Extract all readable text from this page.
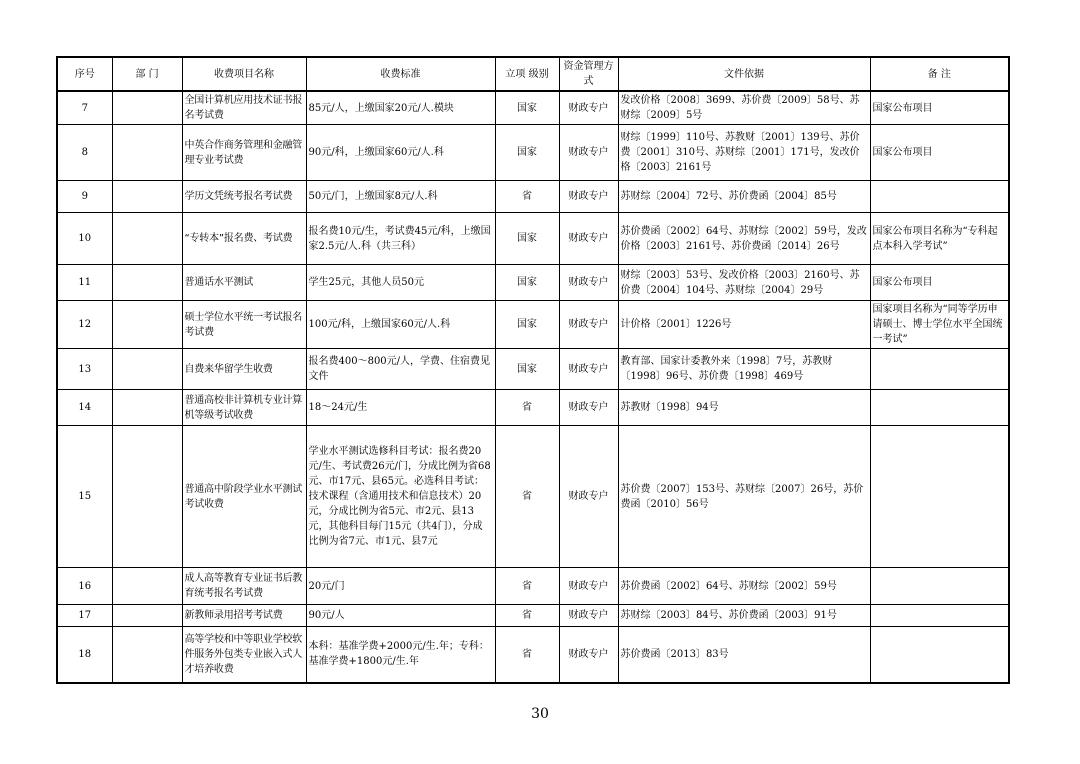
序号	部 门	收费项目名称	收费标准	立项 级别	资金管理方式	文件依据	备 注
7		全国计算机应用技术证书报名考试费	85元/人，上缴国家20元/人.模块	国家	财政专户	发改价格〔2008〕3699、苏价费〔2009〕58号、苏财综〔2009〕5号	国家公布项目
8		中英合作商务管理和金融管理专业考试费	90元/科，上缴国家60元/人.科	国家	财政专户	财综〔1999〕110号、苏教财〔2001〕139号、苏价费〔2001〕310号、苏财综〔2001〕171号，发改价格〔2003〕2161号	国家公布项目
9		学历文凭统考报名考试费	50元/门，上缴国家8元/人.科	省	财政专户	苏财综〔2004〕72号、苏价费函〔2004〕85号	
10		“专转本”报名费、考试费	报名费10元/生，考试费45元/科，上缴国家2.5元/人.科（共三科）	国家	财政专户	苏价费函〔2002〕64号、苏财综〔2002〕59号，发改价格〔2003〕2161号、苏价费函〔2014〕26号	国家公布项目名称为“专科起点本科入学考试”
11		普通话水平测试	学生25元，其他人员50元	国家	财政专户	财综〔2003〕53号、发改价格〔2003〕2160号、苏价费〔2004〕104号、苏财综〔2004〕29号	国家公布项目
12		硕士学位水平统一考试报名考试费	100元/科，上缴国家60元/人.科	国家	财政专户	计价格〔2001〕1226号	国家项目名称为“同等学历申请硕士、博士学位水平全国统一考试”
13		自费来华留学生收费	报名费400～800元/人，学费、住宿费见文件	国家	财政专户	教育部、国家计委教外来〔1998〕7号，苏教财〔1998〕96号、苏价费〔1998〕469号	
14		普通高校非计算机专业计算机等级考试收费	18～24元/生	省	财政专户	苏教财〔1998〕94号	
15		普通高中阶段学业水平测试考试收费	学业水平测试选修科目考试：报名费20元/生、考试费26元/门，分成比例为省68元、市17元、县65元。必选科目考试：技术课程（含通用技术和信息技术）20元，分成比例为省5元、市2元、县13元，其他科目每门15元（共4门），分成比例为省7元、市1元、县7元	省	财政专户	苏价费〔2007〕153号、苏财综〔2007〕26号，苏价费函〔2010〕56号	
16		成人高等教育专业证书后教育统考报名考试费	20元/门	省	财政专户	苏价费函〔2002〕64号、苏财综〔2002〕59号	
17		新教师录用招考考试费	90元/人	省	财政专户	苏财综〔2003〕84号、苏价费函〔2003〕91号	
18		高等学校和中等职业学校软件服务外包类专业嵌入式人才培养收费	本科：基准学费+2000元/生.年；专科：基准学费+1800元/生.年	省	财政专户	苏价费函〔2013〕83号	
30
